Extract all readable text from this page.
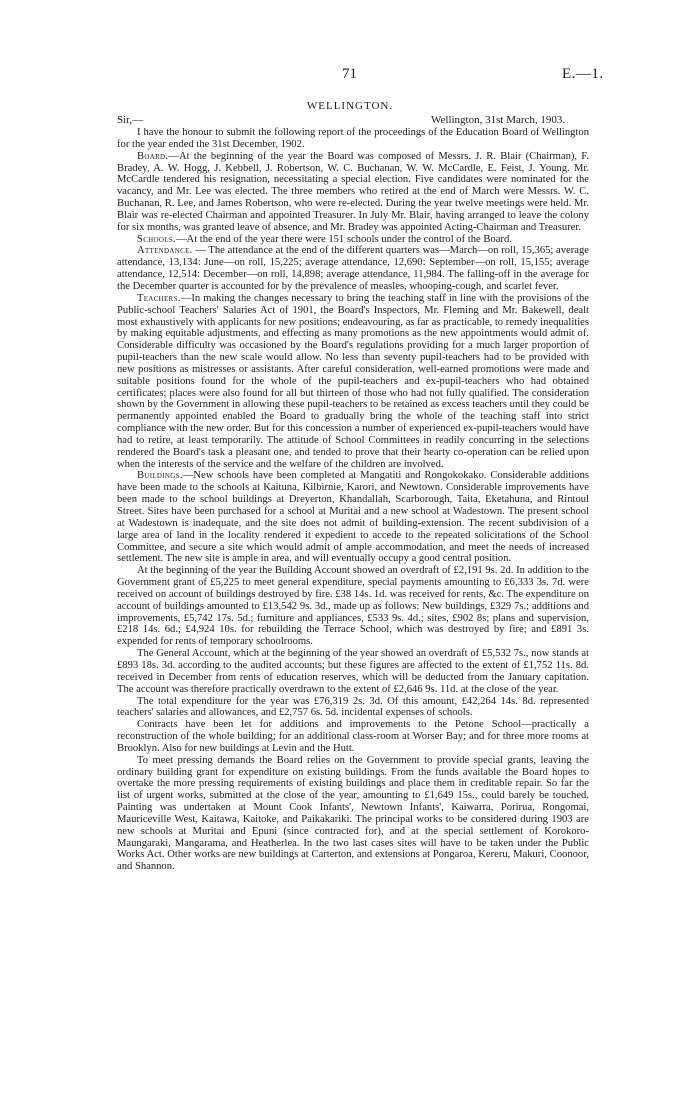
71	E.—1.
WELLINGTON.
Sir,—	Wellington, 31st March, 1903.

I have the honour to submit the following report of the proceedings of the Education Board of Wellington for the year ended the 31st December, 1902.

Board.—At the beginning of the year the Board was composed of Messrs. J. R. Blair (Chairman), F. Bradey, A. W. Hogg, J. Kebbell, J. Robertson, W. C. Buchanan, W. W. McCardle, E. Feist, J. Young. Mr. McCardle tendered his resignation, necessitating a special election. Five candidates were nominated for the vacancy, and Mr. Lee was elected. The three members who retired at the end of March were Messrs. W. C. Buchanan, R. Lee, and James Robertson, who were re-elected. During the year twelve meetings were held. Mr. Blair was re-elected Chairman and appointed Treasurer. In July Mr. Blair, having arranged to leave the colony for six months, was granted leave of absence, and Mr. Bradey was appointed Acting-Chairman and Treasurer.

Schools.—At the end of the year there were 151 schools under the control of the Board.

Attendance. — The attendance at the end of the different quarters was—March—on roll, 15,365; average attendance, 13,134: June—on roll, 15,225; average attendance, 12,690: September—on roll, 15,155; average attendance, 12,514: December—on roll, 14,898; average attendance, 11,984. The falling-off in the average for the December quarter is accounted for by the prevalence of measles, whooping-cough, and scarlet fever.

Teachers.—In making the changes necessary to bring the teaching staff in line with the provisions of the Public-school Teachers' Salaries Act of 1901, the Board's Inspectors, Mr. Fleming and Mr. Bakewell, dealt most exhaustively with applicants for new positions; endeavouring, as far as practicable, to remedy inequalities by making equitable adjustments, and effecting as many promotions as the new appointments would admit of. Considerable difficulty was occasioned by the Board's regulations providing for a much larger proportion of pupil-teachers than the new scale would allow. No less than seventy pupil-teachers had to be provided with new positions as mistresses or assistants. After careful consideration, well-earned promotions were made and suitable positions found for the whole of the pupil-teachers and ex-pupil-teachers who had obtained certificates; places were also found for all but thirteen of those who had not fully qualified. The consideration shown by the Government in allowing these pupil-teachers to be retained as excess teachers until they could be permanently appointed enabled the Board to gradually bring the whole of the teaching staff into strict compliance with the new order. But for this concession a number of experienced ex-pupil-teachers would have had to retire, at least temporarily. The attitude of School Committees in readily concurring in the selections rendered the Board's task a pleasant one, and tended to prove that their hearty co-operation can be relied upon when the interests of the service and the welfare of the children are involved.

Buildings.—New schools have been completed at Mangatiti and Rongokokako. Considerable additions have been made to the schools at Kaituna, Kilbirnie, Karori, and Newtown. Considerable improvements have been made to the school buildings at Dreyerton, Khandallah, Scarborough, Taita, Eketahuna, and Rintoul Street. Sites have been purchased for a school at Muritai and a new school at Wadestown. The present school at Wadestown is inadequate, and the site does not admit of building-extension. The recent subdivision of a large area of land in the locality rendered it expedient to accede to the repeated solicitations of the School Committee, and secure a site which would admit of ample accommodation, and meet the needs of increased settlement. The new site is ample in area, and will eventually occupy a good central position.

At the beginning of the year the Building Account showed an overdraft of £2,191 9s. 2d. In addition to the Government grant of £5,225 to meet general expenditure, special payments amounting to £6,333 3s. 7d. were received on account of buildings destroyed by fire. £38 14s. 1d. was received for rents, &c. The expenditure on account of buildings amounted to £13,542 9s. 3d., made up as follows: New buildings, £329 7s.; additions and improvements, £5,742 17s. 5d.; furniture and appliances, £533 9s. 4d.; sites, £902 8s; plans and supervision, £218 14s. 6d.; £4,924 10s. for rebuilding the Terrace School, which was destroyed by fire; and £891 3s. expended for rents of temporary schoolrooms.

The General Account, which at the beginning of the year showed an overdraft of £5,532 7s., now stands at £893 18s. 3d. according to the audited accounts; but these figures are affected to the extent of £1,752 11s. 8d. received in December from rents of education reserves, which will be deducted from the January capitation. The account was therefore practically overdrawn to the extent of £2,646 9s. 11d. at the close of the year.

The total expenditure for the year was £76,319 2s. 3d. Of this amount, £42,264 14s. 8d. represented teachers' salaries and allowances, and £2,757 6s. 5d. incidental expenses of schools.

Contracts have been let for additions and improvements to the Petone School—practically a reconstruction of the whole building; for an additional class-room at Worser Bay; and for three more rooms at Brooklyn. Also for new buildings at Levin and the Hutt.

To meet pressing demands the Board relies on the Government to provide special grants, leaving the ordinary building grant for expenditure on existing buildings. From the funds available the Board hopes to overtake the more pressing requirements of existing buildings and place them in creditable repair. So far the list of urgent works, submitted at the close of the year, amounting to £1,649 15s., could barely be touched. Painting was undertaken at Mount Cook Infants', Newtown Infants', Kaiwarra, Porirua, Rongomai, Mauriceville West, Kaitawa, Kaitoke, and Paikakariki. The principal works to be considered during 1903 are new schools at Muritai and Epuni (since contracted for), and at the special settlement of Korokoro-Maungaraki, Mangarama, and Heatherlea. In the two last cases sites will have to be taken under the Public Works Act. Other works are new buildings at Carterton, and extensions at Pongaroa, Kereru, Makuri, Coonoor, and Shannon.
